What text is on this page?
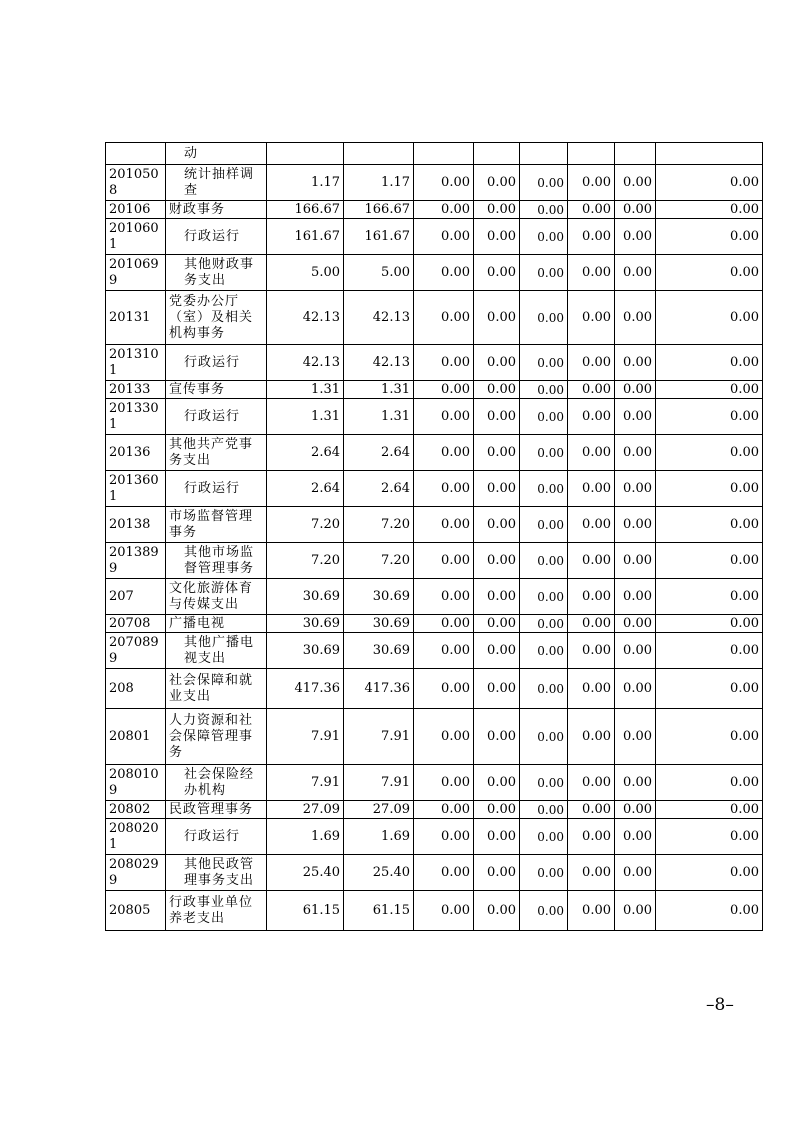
	动								
2010508	统计抽样调查	1.17	1.17	0.00	0.00	0.00	0.00	0.00	0.00
20106	财政事务	166.67	166.67	0.00	0.00	0.00	0.00	0.00	0.00
2010601	行政运行	161.67	161.67	0.00	0.00	0.00	0.00	0.00	0.00
2010699	其他财政事务支出	5.00	5.00	0.00	0.00	0.00	0.00	0.00	0.00
20131	党委办公厅（室）及相关机构事务	42.13	42.13	0.00	0.00	0.00	0.00	0.00	0.00
2013101	行政运行	42.13	42.13	0.00	0.00	0.00	0.00	0.00	0.00
20133	宣传事务	1.31	1.31	0.00	0.00	0.00	0.00	0.00	0.00
2013301	行政运行	1.31	1.31	0.00	0.00	0.00	0.00	0.00	0.00
20136	其他共产党事务支出	2.64	2.64	0.00	0.00	0.00	0.00	0.00	0.00
2013601	行政运行	2.64	2.64	0.00	0.00	0.00	0.00	0.00	0.00
20138	市场监督管理事务	7.20	7.20	0.00	0.00	0.00	0.00	0.00	0.00
2013899	其他市场监督管理事务	7.20	7.20	0.00	0.00	0.00	0.00	0.00	0.00
207	文化旅游体育与传媒支出	30.69	30.69	0.00	0.00	0.00	0.00	0.00	0.00
20708	广播电视	30.69	30.69	0.00	0.00	0.00	0.00	0.00	0.00
2070899	其他广播电视支出	30.69	30.69	0.00	0.00	0.00	0.00	0.00	0.00
208	社会保障和就业支出	417.36	417.36	0.00	0.00	0.00	0.00	0.00	0.00
20801	人力资源和社会保障管理事务	7.91	7.91	0.00	0.00	0.00	0.00	0.00	0.00
2080109	社会保险经办机构	7.91	7.91	0.00	0.00	0.00	0.00	0.00	0.00
20802	民政管理事务	27.09	27.09	0.00	0.00	0.00	0.00	0.00	0.00
2080201	行政运行	1.69	1.69	0.00	0.00	0.00	0.00	0.00	0.00
2080299	其他民政管理事务支出	25.40	25.40	0.00	0.00	0.00	0.00	0.00	0.00
20805	行政事业单位养老支出	61.15	61.15	0.00	0.00	0.00	0.00	0.00	0.00
–8–
